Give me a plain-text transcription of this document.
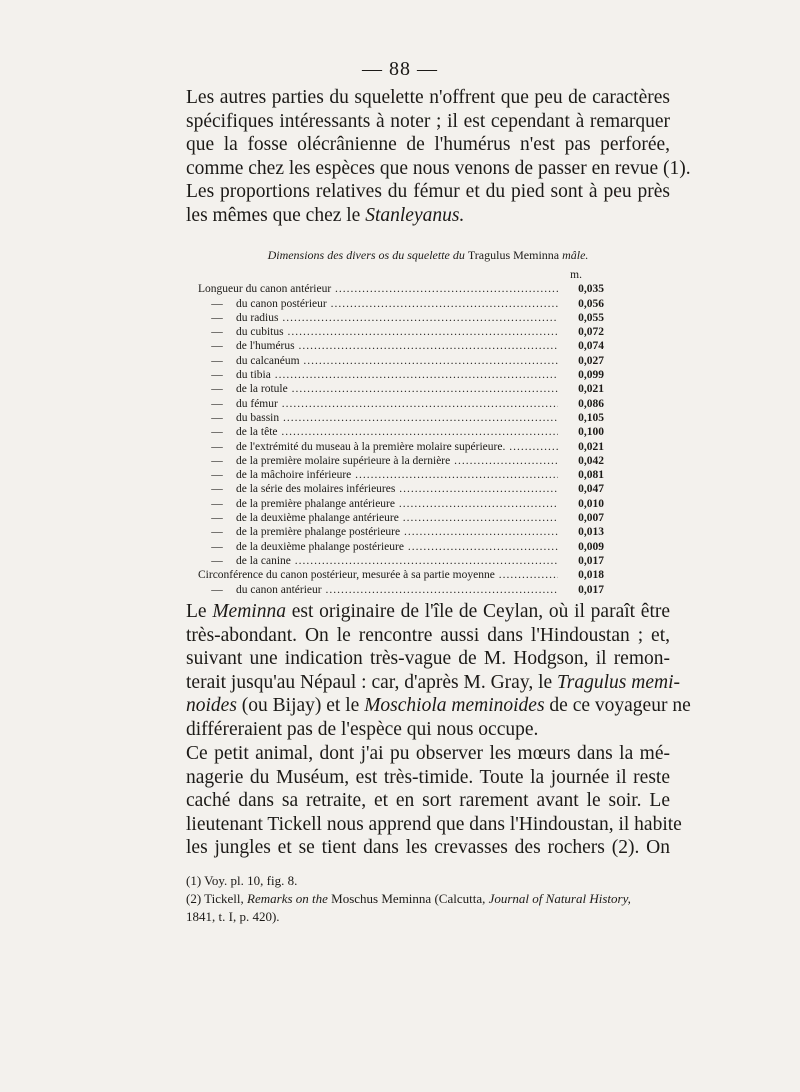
— 88 —
Les autres parties du squelette n'offrent que peu de caractères
spécifiques intéressants à noter ; il est cependant à remarquer
que la fosse olécrânienne de l'humérus n'est pas perforée,
comme chez les espèces que nous venons de passer en revue (1).
Les proportions relatives du fémur et du pied sont à peu près
les mêmes que chez le Stanleyanus.
Dimensions des divers os du squelette du Tragulus Meminna mâle.
m.
Longueur du canon antérieur .....	0,035
—	du canon postérieur .....	0,056
—	du radius .....	0,055
—	du cubitus .....	0,072
—	de l'humérus .....	0,074
—	du calcanéum .....	0,027
—	du tibia .....	0,099
—	de la rotule .....	0,021
—	du fémur .....	0,086
—	du bassin .....	0,105
—	de la tête .....	0,100
—	de l'extrémité du museau à la première molaire supérieure. .....	0,021
—	de la première molaire supérieure à la dernière .....	0,042
—	de la mâchoire inférieure .....	0,081
—	de la série des molaires inférieures .....	0,047
—	de la première phalange antérieure .....	0,010
—	de la deuxième phalange antérieure .....	0,007
—	de la première phalange postérieure .....	0,013
—	de la deuxième phalange postérieure .....	0,009
—	de la canine .....	0,017
Circonférence du canon postérieur, mesurée à sa partie moyenne .....	0,018
—	du canon antérieur .....	0,017
Le Meminna est originaire de l'île de Ceylan, où il paraît être
très-abondant. On le rencontre aussi dans l'Hindoustan ; et,
suivant une indication très-vague de M. Hodgson, il remon-
terait jusqu'au Népaul : car, d'après M. Gray, le Tragulus memi-
noides (ou Bijay) et le Moschiola meminoides de ce voyageur ne
différeraient pas de l'espèce qui nous occupe.
Ce petit animal, dont j'ai pu observer les mœurs dans la mé-
nagerie du Muséum, est très-timide. Toute la journée il reste
caché dans sa retraite, et en sort rarement avant le soir. Le
lieutenant Tickell nous apprend que dans l'Hindoustan, il habite
les jungles et se tient dans les crevasses des rochers (2). On
(1) Voy. pl. 10, fig. 8.
(2) Tickell, Remarks on the Moschus Meminna (Calcutta, Journal of Natural History,
1841, t. I, p. 420).
